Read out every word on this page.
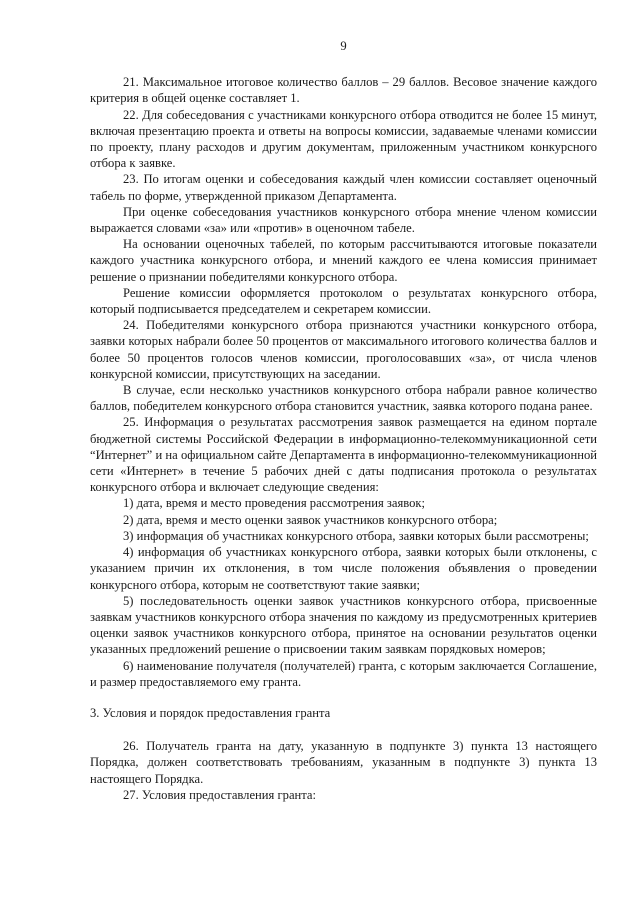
9

21. Максимальное итоговое количество баллов – 29 баллов. Весовое значение каждого критерия в общей оценке составляет 1.

22. Для собеседования с участниками конкурсного отбора отводится не более 15 минут, включая презентацию проекта и ответы на вопросы комиссии, задаваемые членами комиссии по проекту, плану расходов и другим документам, приложенным участником конкурсного отбора к заявке.

23. По итогам оценки и собеседования каждый член комиссии составляет оценочный табель по форме, утвержденной приказом Департамента.

При оценке собеседования участников конкурсного отбора мнение членом комиссии выражается словами «за» или «против» в оценочном табеле.

На основании оценочных табелей, по которым рассчитываются итоговые показатели каждого участника конкурсного отбора, и мнений каждого ее члена комиссия принимает решение о признании победителями конкурсного отбора.

Решение комиссии оформляется протоколом о результатах конкурсного отбора, который подписывается председателем и секретарем комиссии.

24. Победителями конкурсного отбора признаются участники конкурсного отбора, заявки которых набрали более 50 процентов от максимального итогового количества баллов и более 50 процентов голосов членов комиссии, проголосовавших «за», от числа членов конкурсной комиссии, присутствующих на заседании.

В случае, если несколько участников конкурсного отбора набрали равное количество баллов, победителем конкурсного отбора становится участник, заявка которого подана ранее.

25. Информация о результатах рассмотрения заявок размещается на едином портале бюджетной системы Российской Федерации в информационно-телекоммуникационной сети “Интернет” и на официальном сайте Департамента в информационно-телекоммуникационной сети «Интернет» в течение 5 рабочих дней с даты подписания протокола о результатах конкурсного отбора и включает следующие сведения:

1) дата, время и место проведения рассмотрения заявок;

2) дата, время и место оценки заявок участников конкурсного отбора;

3) информация об участниках конкурсного отбора, заявки которых были рассмотрены;

4) информация об участниках конкурсного отбора, заявки которых были отклонены, с указанием причин их отклонения, в том числе положения объявления о проведении конкурсного отбора, которым не соответствуют такие заявки;

5) последовательность оценки заявок участников конкурсного отбора, присвоенные заявкам участников конкурсного отбора значения по каждому из предусмотренных критериев оценки заявок участников конкурсного отбора, принятое на основании результатов оценки указанных предложений решение о присвоении таким заявкам порядковых номеров;

6) наименование получателя (получателей) гранта, с которым заключается Соглашение, и размер предоставляемого ему гранта.

3. Условия и порядок предоставления гранта

26. Получатель гранта на дату, указанную в подпункте 3) пункта 13 настоящего Порядка, должен соответствовать требованиям, указанным в подпункте 3) пункта 13 настоящего Порядка.

27. Условия предоставления гранта:
